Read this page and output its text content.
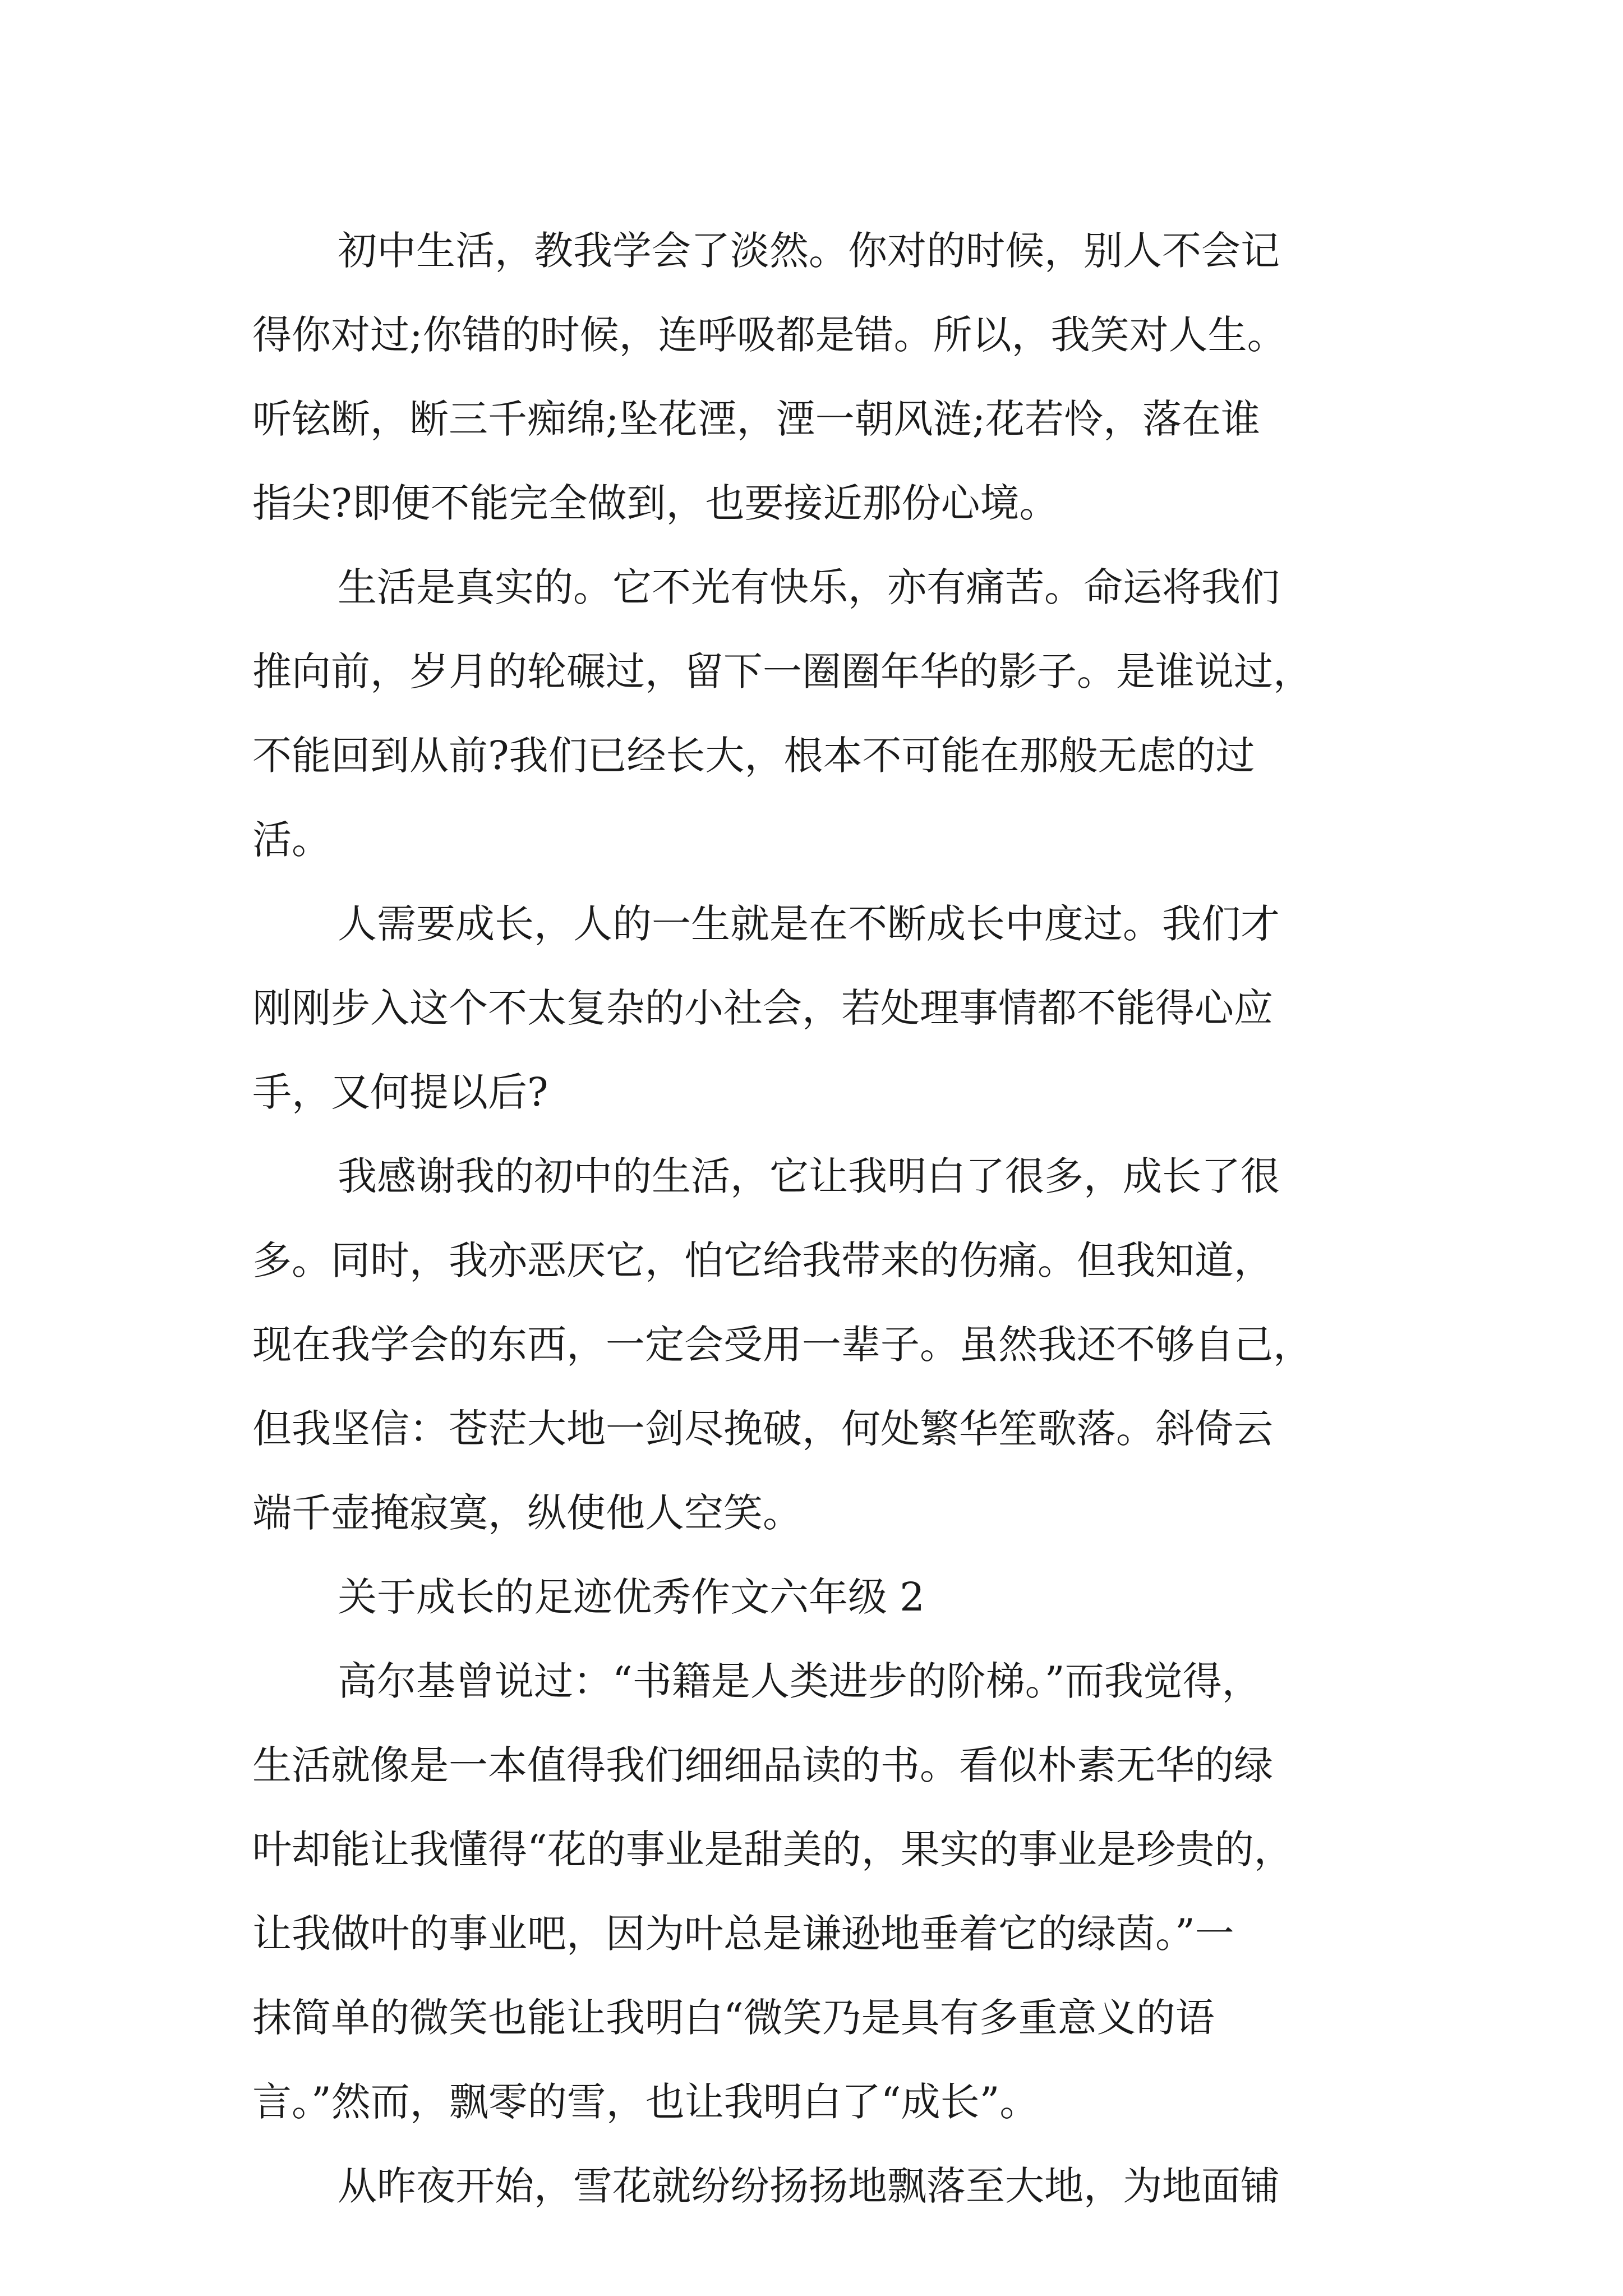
初中生活，教我学会了淡然。你对的时候，别人不会记
得你对过;你错的时候，连呼吸都是错。所以，我笑对人生。
听铉断，断三千痴绵;坠花湮，湮一朝风涟;花若怜，落在谁
指尖?即便不能完全做到，也要接近那份心境。
生活是真实的。它不光有快乐，亦有痛苦。命运将我们
推向前，岁月的轮碾过，留下一圈圈年华的影子。是谁说过，
不能回到从前?我们已经长大，根本不可能在那般无虑的过
活。
人需要成长，人的一生就是在不断成长中度过。我们才
刚刚步入这个不太复杂的小社会，若处理事情都不能得心应
手，又何提以后?
我感谢我的初中的生活，它让我明白了很多，成长了很
多。同时，我亦恶厌它，怕它给我带来的伤痛。但我知道，
现在我学会的东西，一定会受用一辈子。虽然我还不够自己，
但我坚信：苍茫大地一剑尽挽破，何处繁华笙歌落。斜倚云
端千壶掩寂寞，纵使他人空笑。
关于成长的足迹优秀作文六年级 2
高尔基曾说过：“书籍是人类进步的阶梯。”而我觉得，
生活就像是一本值得我们细细品读的书。看似朴素无华的绿
叶却能让我懂得“花的事业是甜美的，果实的事业是珍贵的，
让我做叶的事业吧，因为叶总是谦逊地垂着它的绿茵。”一
抹简单的微笑也能让我明白“微笑乃是具有多重意义的语
言。”然而，飘零的雪，也让我明白了“成长”。
从昨夜开始，雪花就纷纷扬扬地飘落至大地，为地面铺
